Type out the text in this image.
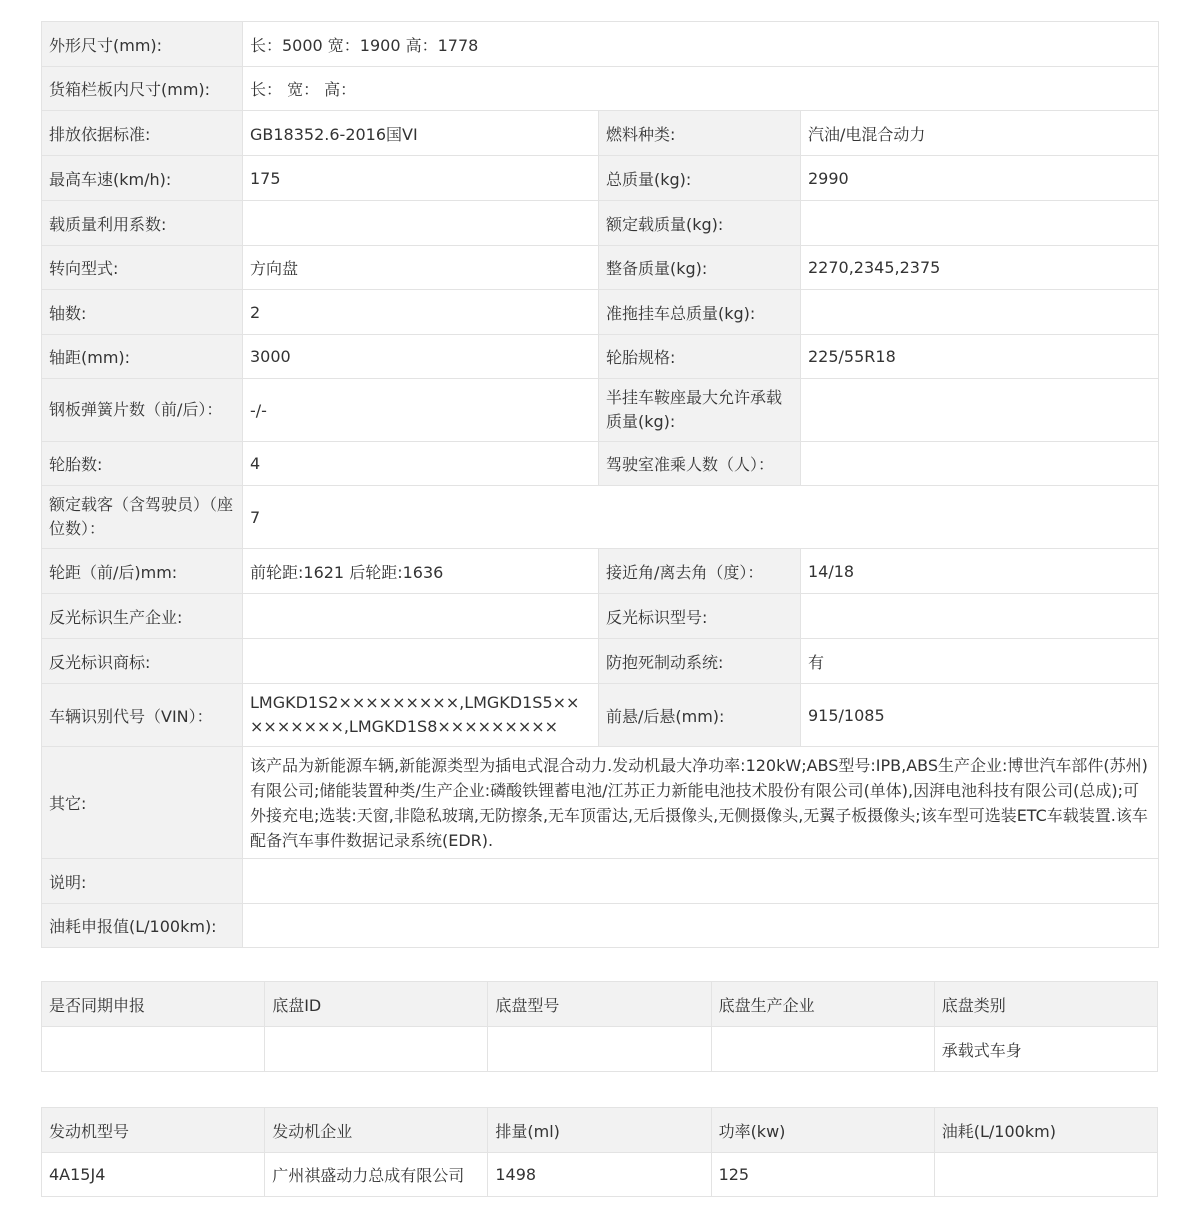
外形尺寸(mm):	长：5000 宽：1900 高：1778		
货箱栏板内尺寸(mm):	长： 宽： 高：		
排放依据标准:	GB18352.6-2016国VI	燃料种类:	汽油/电混合动力
最高车速(km/h):	175	总质量(kg):	2990
载质量利用系数:		额定载质量(kg):	
转向型式:	方向盘	整备质量(kg):	2270,2345,2375
轴数:	2	准拖挂车总质量(kg):	
轴距(mm):	3000	轮胎规格:	225/55R18
钢板弹簧片数（前/后）：	-/-	半挂车鞍座最大允许承载质量(kg):	
轮胎数:	4	驾驶室准乘人数（人）：	
额定载客（含驾驶员）（座位数）：	7		
轮距（前/后)mm:	前轮距:1621 后轮距:1636	接近角/离去角（度）：	14/18
反光标识生产企业:		反光标识型号:	
反光标识商标:		防抱死制动系统:	有
车辆识别代号（VIN）：	LMGKD1S2×××××××××,LMGKD1S5×××××××××,LMGKD1S8×××××××××	前悬/后悬(mm):	915/1085
其它:	该产品为新能源车辆,新能源类型为插电式混合动力.发动机最大净功率:120kW;ABS型号:IPB,ABS生产企业:博世汽车部件(苏州)有限公司;储能装置种类/生产企业:磷酸铁锂蓄电池/江苏正力新能电池技术股份有限公司(单体),因湃电池科技有限公司(总成);可外接充电;选装:天窗,非隐私玻璃,无防擦条,无车顶雷达,无后摄像头,无侧摄像头,无翼子板摄像头;该车型可选装ETC车载装置.该车配备汽车事件数据记录系统(EDR).		
说明:			
油耗申报值(L/100km):			
是否同期申报	底盘ID	底盘型号	底盘生产企业	底盘类别
				承载式车身
发动机型号	发动机企业	排量(ml)	功率(kw)	油耗(L/100km)
4A15J4	广州祺盛动力总成有限公司	1498	125	
